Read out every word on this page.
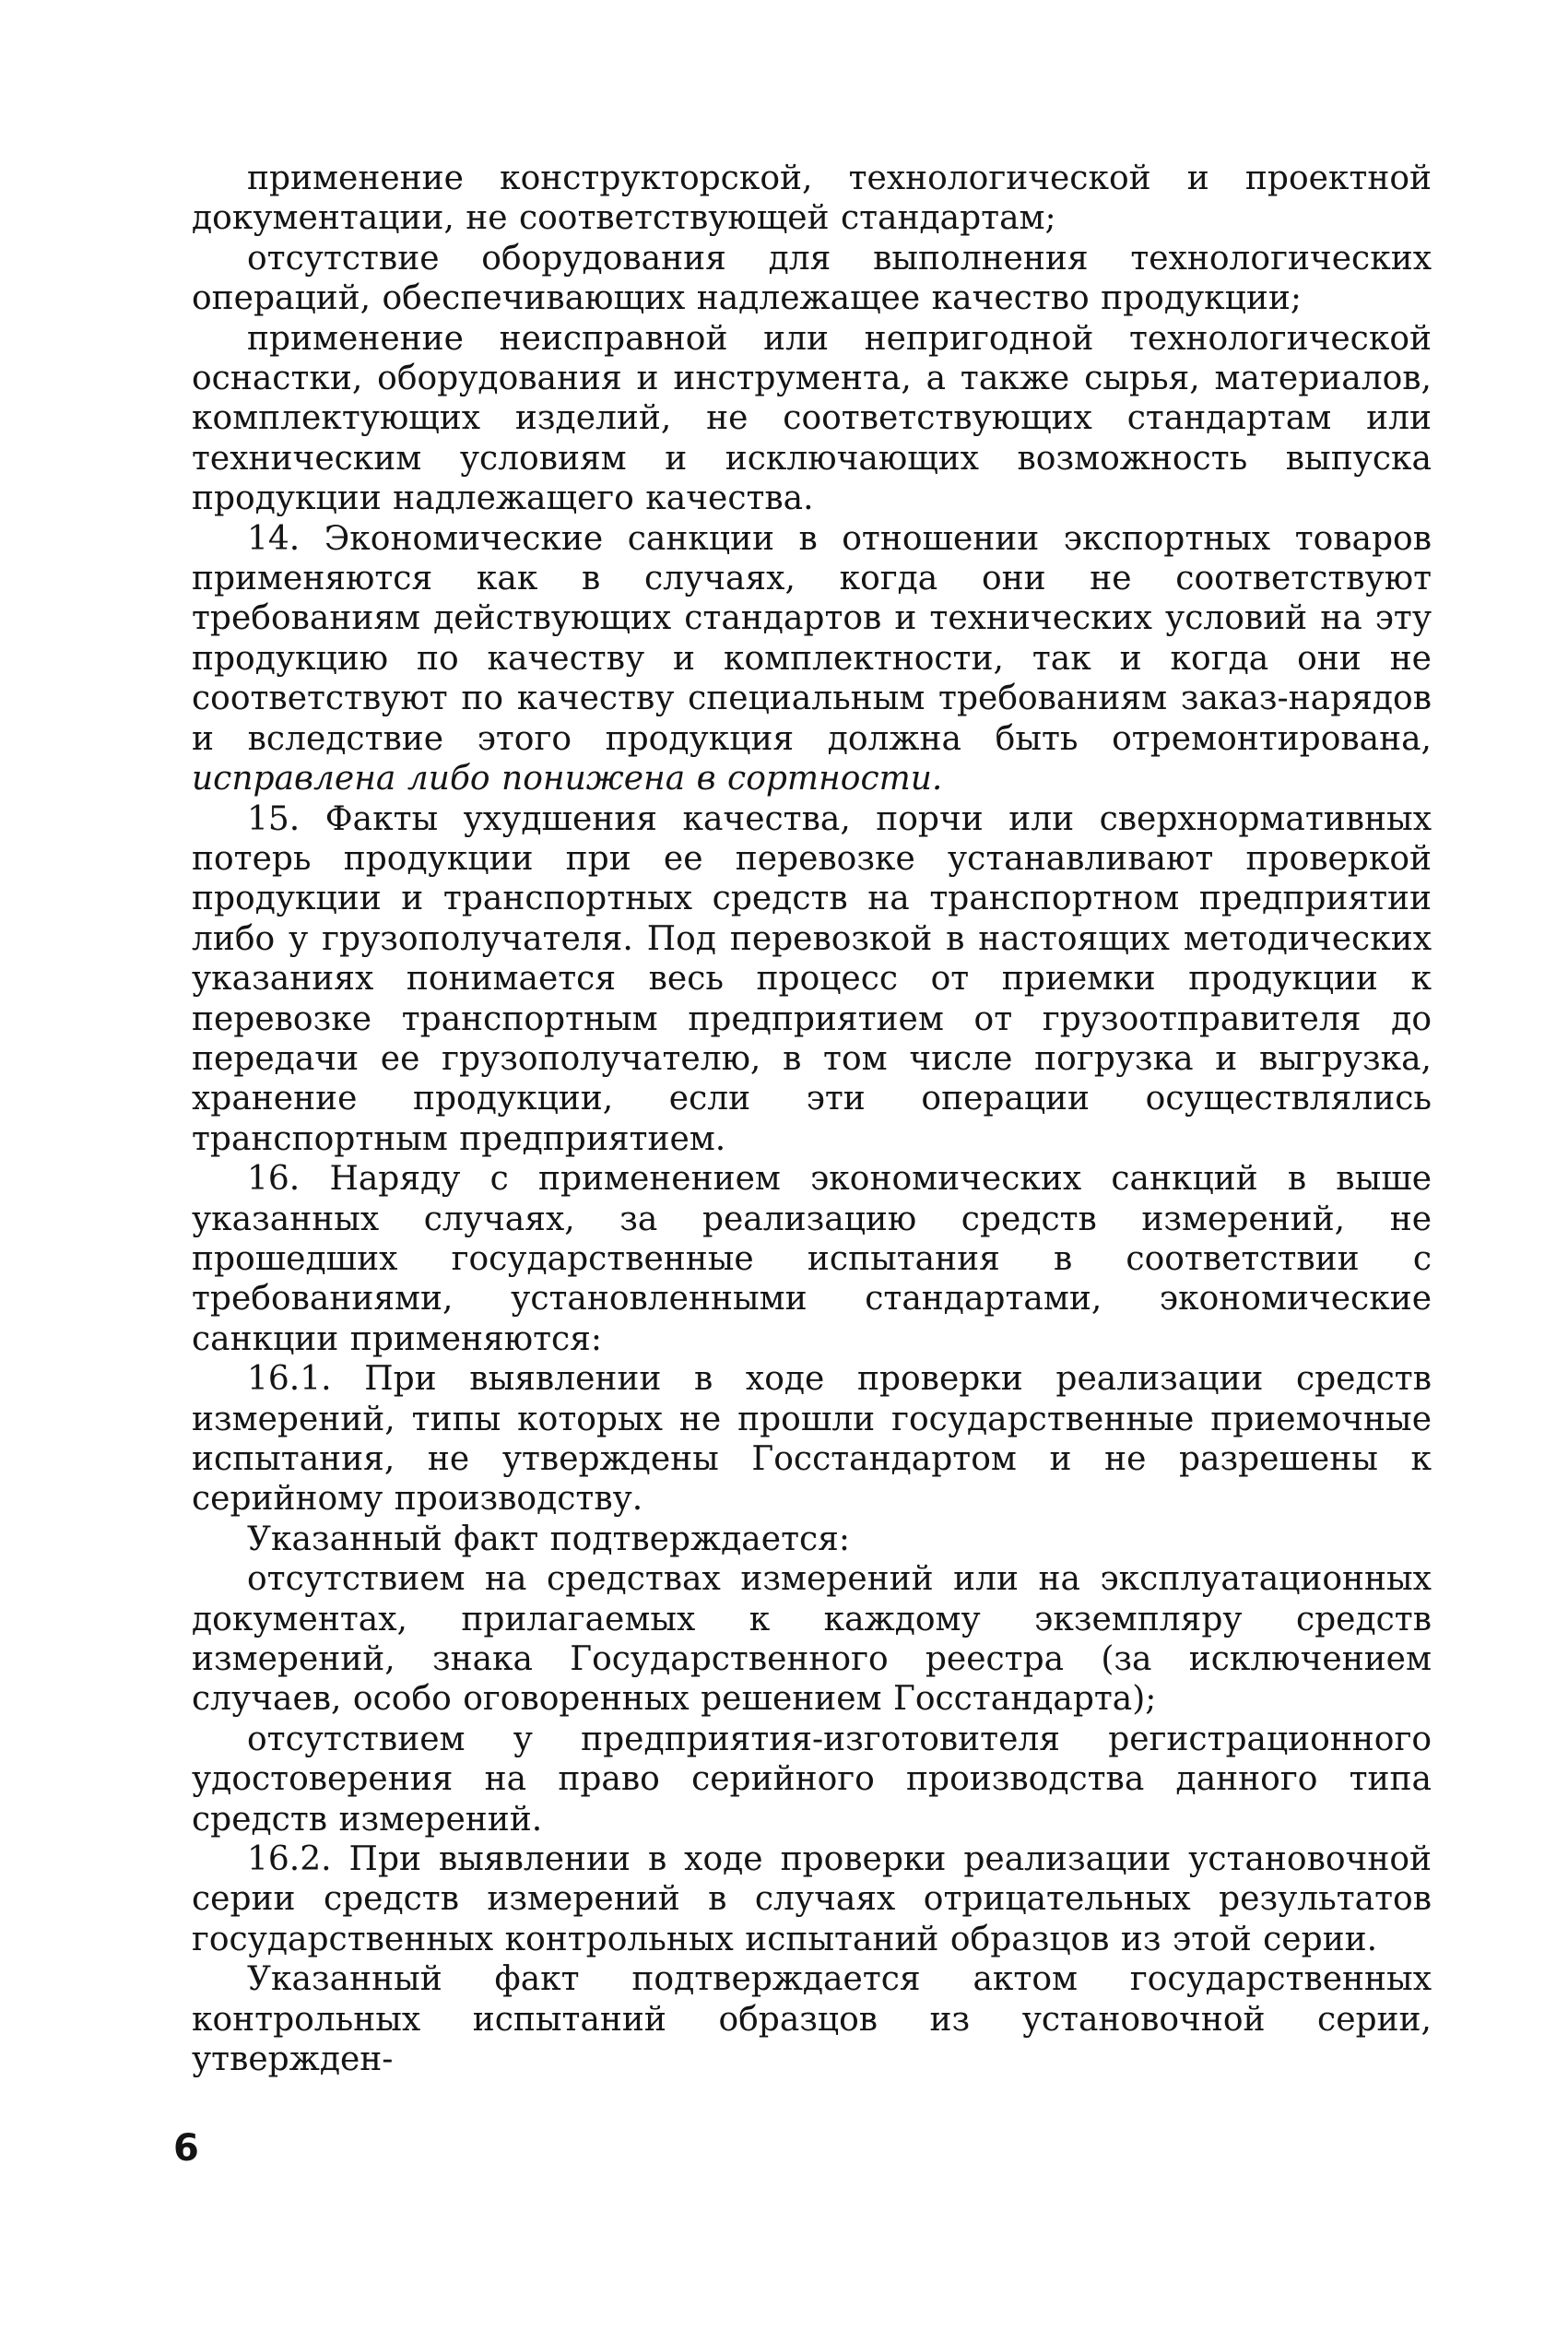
применение конструкторской, технологической и проектной документации, не соответствующей стандартам;

отсутствие оборудования для выполнения технологических операций, обеспечивающих надлежащее качество продукции;

применение неисправной или непригодной технологической оснастки, оборудования и инструмента, а также сырья, материалов, комплектующих изделий, не соответствующих стандартам или техническим условиям и исключающих возможность выпуска продукции надлежащего качества.

14. Экономические санкции в отношении экспортных товаров применяются как в случаях, когда они не соответствуют требованиям действующих стандартов и технических условий на эту продукцию по качеству и комплектности, так и когда они не соответствуют по качеству специальным требованиям заказ-нарядов и вследствие этого продукция должна быть отремонтирована, исправлена либо понижена в сортности.

15. Факты ухудшения качества, порчи или сверхнормативных потерь продукции при ее перевозке устанавливают проверкой продукции и транспортных средств на транспортном предприятии либо у грузополучателя. Под перевозкой в настоящих методических указаниях понимается весь процесс от приемки продукции к перевозке транспортным предприятием от грузоотправителя до передачи ее грузополучателю, в том числе погрузка и выгрузка, хранение продукции, если эти операции осуществлялись транспортным предприятием.

16. Наряду с применением экономических санкций в выше указанных случаях, за реализацию средств измерений, не прошедших государственные испытания в соответствии с требованиями, установленными стандартами, экономические санкции применяются:

16.1. При выявлении в ходе проверки реализации средств измерений, типы которых не прошли государственные приемочные испытания, не утверждены Госстандартом и не разрешены к серийному производству.

Указанный факт подтверждается:

отсутствием на средствах измерений или на эксплуатационных документах, прилагаемых к каждому экземпляру средств измерений, знака Государственного реестра (за исключением случаев, особо оговоренных решением Госстандарта);

отсутствием у предприятия-изготовителя регистрационного удостоверения на право серийного производства данного типа средств измерений.

16.2. При выявлении в ходе проверки реализации установочной серии средств измерений в случаях отрицательных результатов государственных контрольных испытаний образцов из этой серии.

Указанный факт подтверждается актом государственных контрольных испытаний образцов из установочной серии, утвержден-

6
